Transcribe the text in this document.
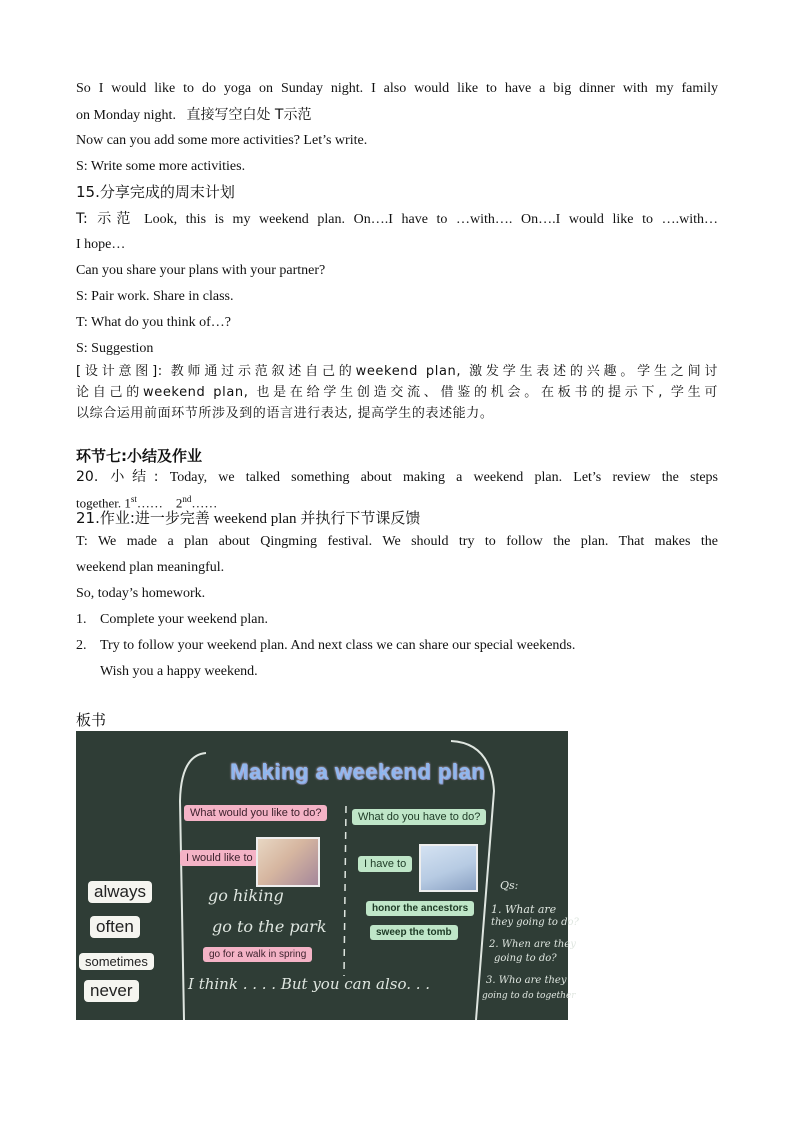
So I would like to do yoga on Sunday night. I also would like to have a big dinner with my family
on Monday night. 直接写空白处 T示范
Now can you add some more activities? Let’s write.
S: Write some more activities.
15.分享完成的周末计划
T: 示范 Look, this is my weekend plan. On….I have to …with…. On….I would like to ….with…
I hope…
Can you share your plans with your partner?
S: Pair work. Share in class.
T: What do you think of…?
S: Suggestion
[设计意图]: 教师通过示范叙述自己的weekend plan, 激发学生表述的兴趣。学生之间讨
论自己的weekend plan, 也是在给学生创造交流、借鉴的机会。在板书的提示下, 学生可
以综合运用前面环节所涉及到的语言进行表达, 提高学生的表述能力。
环节七:小结及作业
20. 小结: Today, we talked something about making a weekend plan. Let’s review the steps
together. 1st……    2nd……
21.作业:进一步完善 weekend plan 并执行下节课反馈
T: We made a plan about Qingming festival. We should try to follow the plan. That makes the
weekend plan meaningful.
So, today’s homework.
1. Complete your weekend plan.
2. Try to follow your weekend plan. And next class we can share our special weekends.
Wish you a happy weekend.
板书
Making a weekend plan
What would you like to do?	What do you have to do?
I would like to	I have to
always
often
sometimes
never
go hiking
go to the park
go for a walk in spring
honor the ancestors
sweep the tomb
I think . . . . But you can also. . .
Qs:
1. What are
they going to do?
2. When are they
going to do?
3. Who are they
going to do together
